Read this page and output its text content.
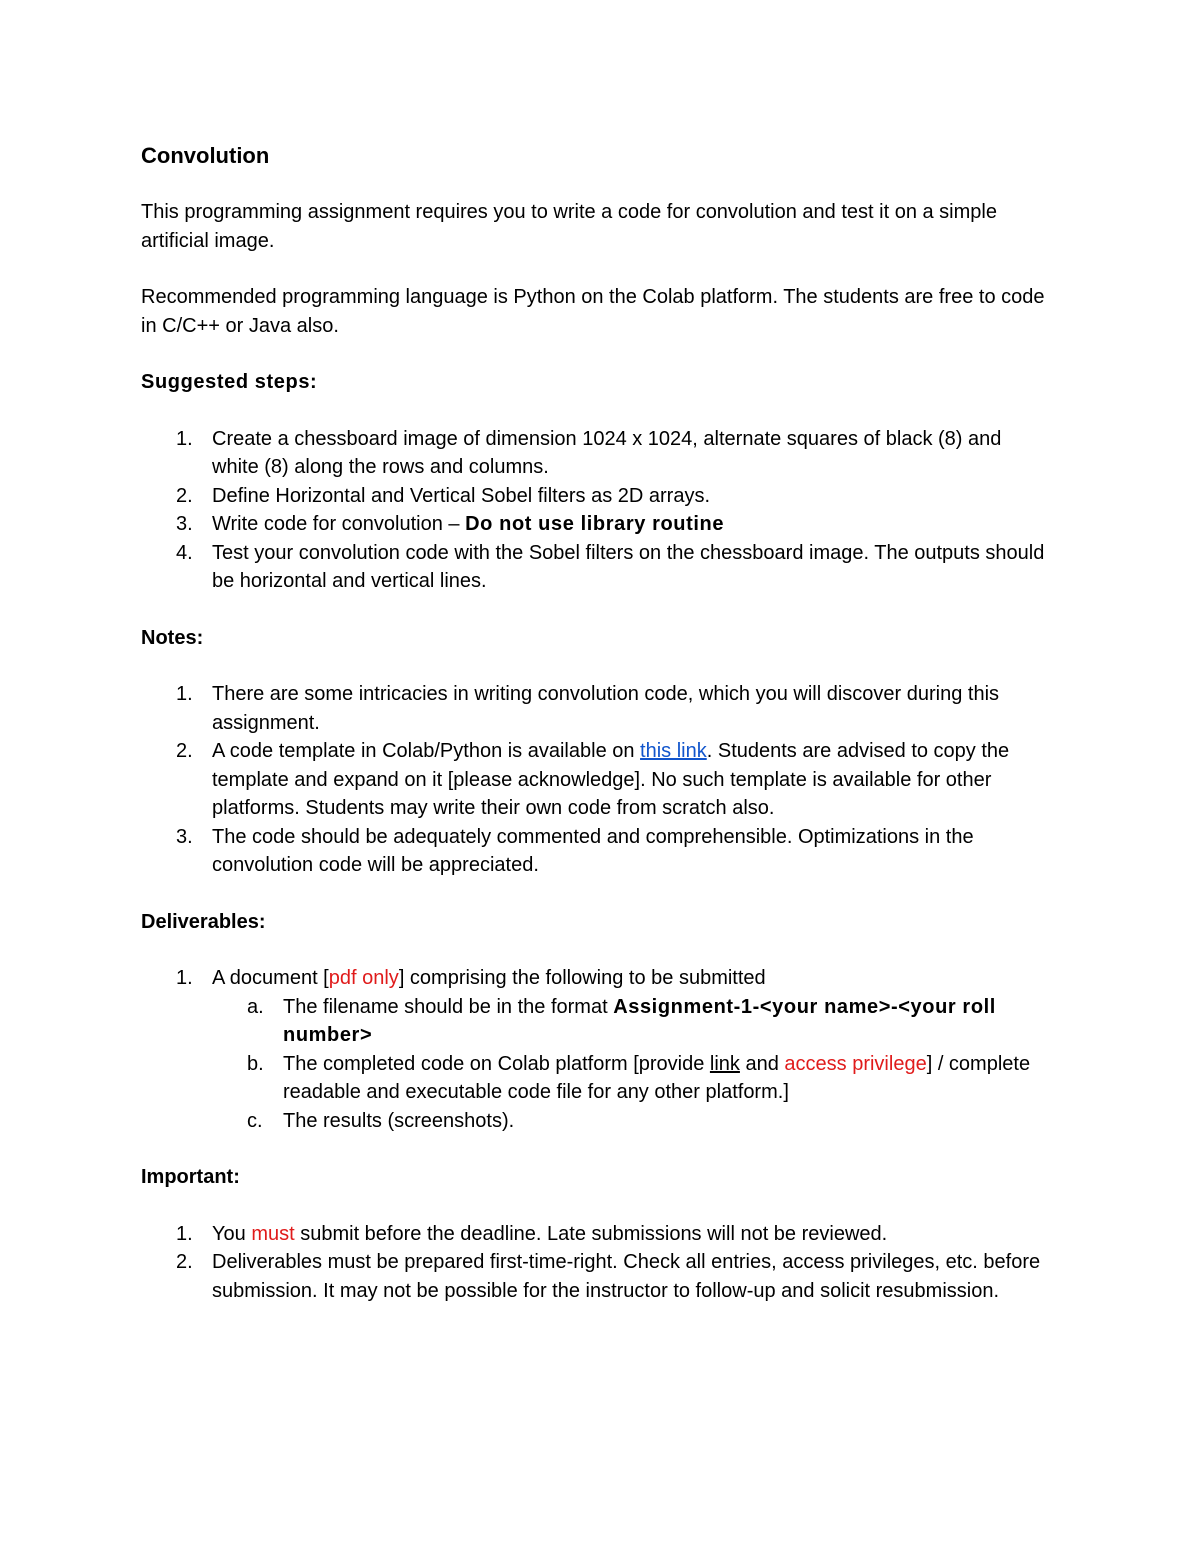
Convolution

This programming assignment requires you to write a code for convolution and test it on a simple artificial image.

Recommended programming language is Python on the Colab platform. The students are free to code in C/C++ or Java also.

Suggested steps:
1. Create a chessboard image of dimension 1024 x 1024, alternate squares of black (8) and white (8) along the rows and columns.
2. Define Horizontal and Vertical Sobel filters as 2D arrays.
3. Write code for convolution – Do not use library routine
4. Test your convolution code with the Sobel filters on the chessboard image. The outputs should be horizontal and vertical lines.
Notes:
1. There are some intricacies in writing convolution code, which you will discover during this assignment.
2. A code template in Colab/Python is available on this link. Students are advised to copy the template and expand on it [please acknowledge]. No such template is available for other platforms. Students may write their own code from scratch also.
3. The code should be adequately commented and comprehensible. Optimizations in the convolution code will be appreciated.
Deliverables:
1. A document [pdf only] comprising the following to be submitted
a. The filename should be in the format Assignment-1-<your name>-<your roll number>
b. The completed code on Colab platform [provide link and access privilege] / complete readable and executable code file for any other platform.]
c. The results (screenshots).
Important:
1. You must submit before the deadline. Late submissions will not be reviewed.
2. Deliverables must be prepared first-time-right. Check all entries, access privileges, etc. before submission. It may not be possible for the instructor to follow-up and solicit resubmission.
